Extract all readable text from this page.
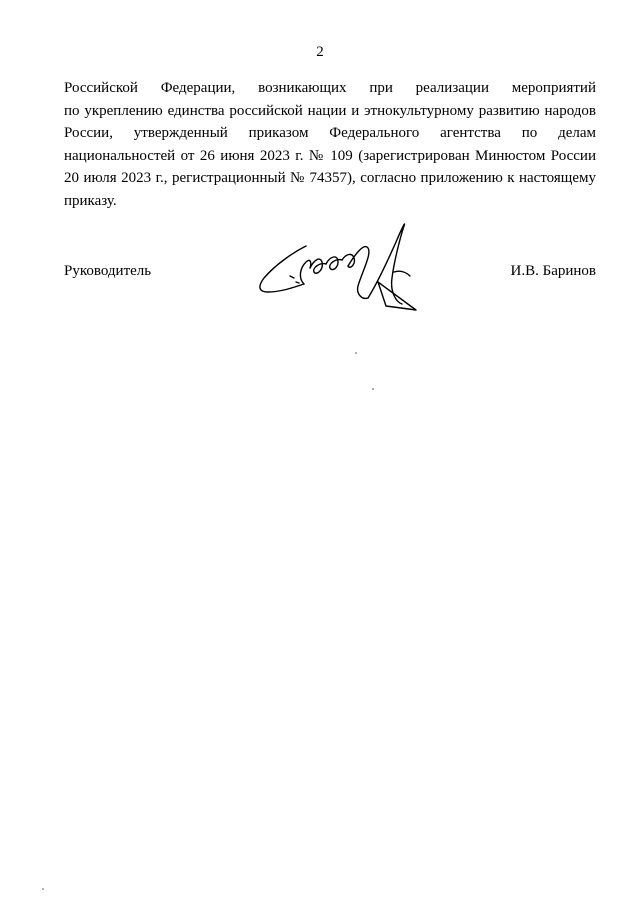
2
Российской Федерации, возникающих при реализации мероприятий
по укреплению единства российской нации и этнокультурному развитию народов
России, утвержденный приказом Федерального агентства по делам
национальностей от 26 июня 2023 г. № 109 (зарегистрирован Минюстом России
20 июля 2023 г., регистрационный № 74357), согласно приложению к настоящему
приказу.
Руководитель	И.В. Баринов
